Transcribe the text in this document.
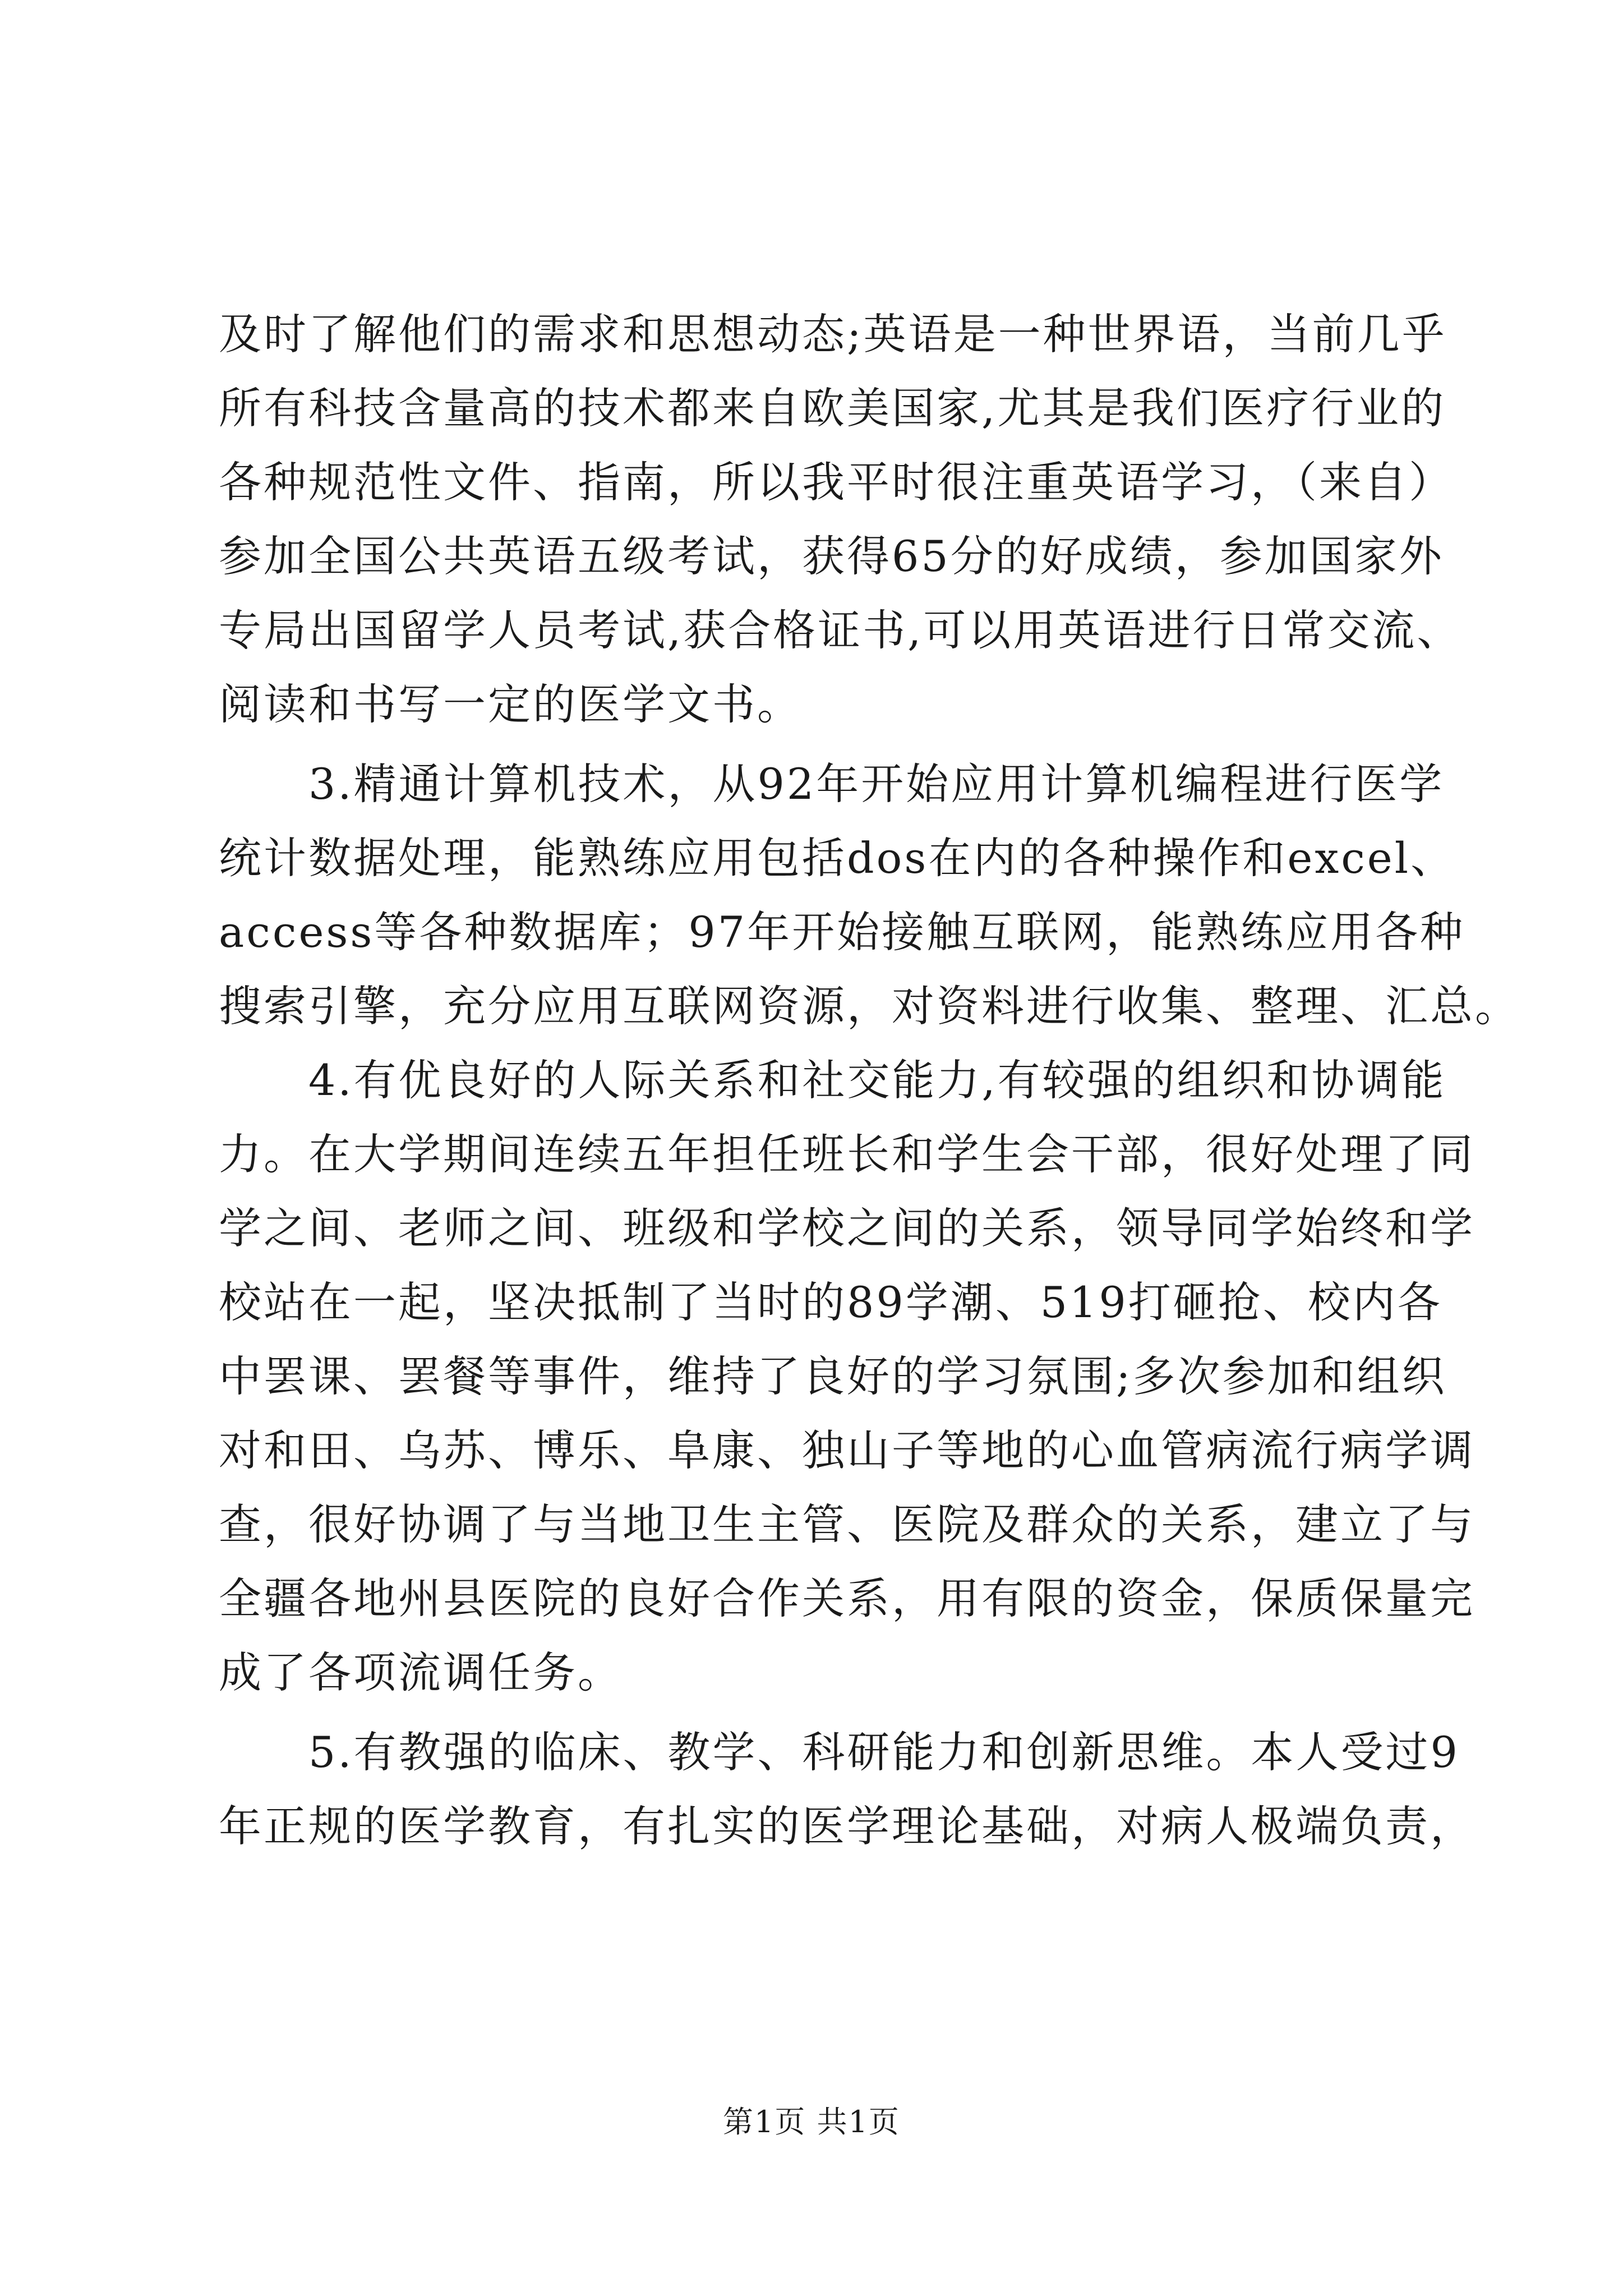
及时了解他们的需求和思想动态;英语是一种世界语，当前几乎
所有科技含量高的技术都来自欧美国家,尤其是我们医疗行业的
各种规范性文件、指南，所以我平时很注重英语学习，（来自）
参加全国公共英语五级考试，获得65分的好成绩，参加国家外
专局出国留学人员考试,获合格证书,可以用英语进行日常交流、
阅读和书写一定的医学文书。
　　3.精通计算机技术，从92年开始应用计算机编程进行医学
统计数据处理，能熟练应用包括dos在内的各种操作和excel、
access等各种数据库；97年开始接触互联网，能熟练应用各种
搜索引擎，充分应用互联网资源，对资料进行收集、整理、汇总。
　　4.有优良好的人际关系和社交能力,有较强的组织和协调能
力。在大学期间连续五年担任班长和学生会干部，很好处理了同
学之间、老师之间、班级和学校之间的关系，领导同学始终和学
校站在一起，坚决抵制了当时的89学潮、519打砸抢、校内各
中罢课、罢餐等事件，维持了良好的学习氛围;多次参加和组织
对和田、乌苏、博乐、阜康、独山子等地的心血管病流行病学调
查，很好协调了与当地卫生主管、医院及群众的关系，建立了与
全疆各地州县医院的良好合作关系，用有限的资金，保质保量完
成了各项流调任务。
　　5.有教强的临床、教学、科研能力和创新思维。本人受过9
年正规的医学教育，有扎实的医学理论基础，对病人极端负责，
第1页 共1页
